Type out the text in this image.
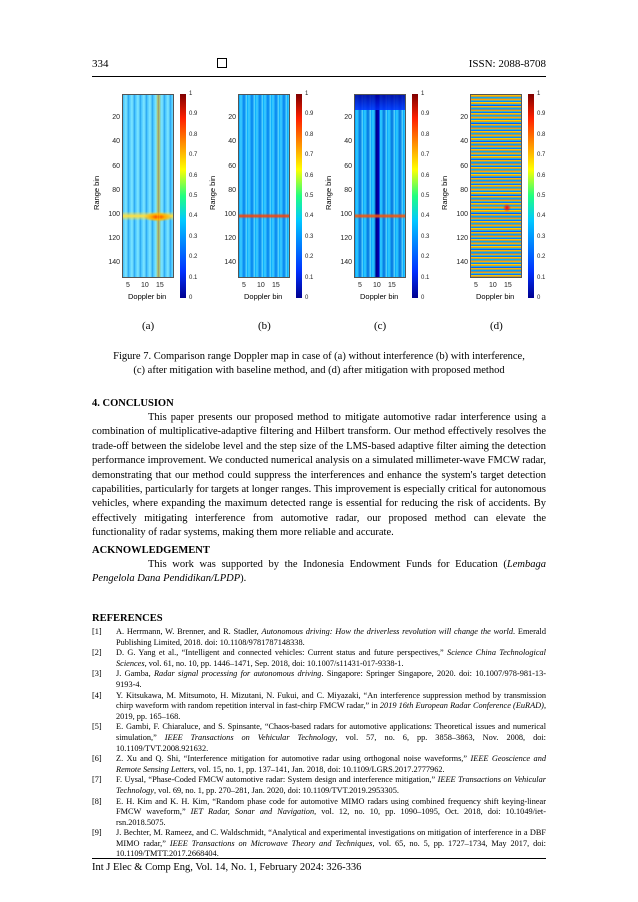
334	ISSN: 2088-8708
20
40
60
80
100
120
140
1
0.9
0.8
0.7
0.6
0.5
0.4
0.3
0.2
0.1
0
5 10 15
Range bin
Doppler bin
(a)
20
40
60
80
100
120
140
1
0.9
0.8
0.7
0.6
0.5
0.4
0.3
0.2
0.1
0
5 10 15
Range bin
Doppler bin
(b)
20
40
60
80
100
120
140
1
0.9
0.8
0.7
0.6
0.5
0.4
0.3
0.2
0.1
0
5 10 15
Range bin
Doppler bin
(c)
20
40
60
80
100
120
140
1
0.9
0.8
0.7
0.6
0.5
0.4
0.3
0.2
0.1
0
5 10 15
Range bin
Doppler bin
(d)
Figure 7. Comparison range Doppler map in case of (a) without interference (b) with interference,
(c) after mitigation with baseline method, and (d) after mitigation with proposed method
4. CONCLUSION
This paper presents our proposed method to mitigate automotive radar interference using a combination of multiplicative-adaptive filtering and Hilbert transform. Our method effectively resolves the trade-off between the sidelobe level and the step size of the LMS-based adaptive filter aiming the detection performance improvement. We conducted numerical analysis on a simulated millimeter-wave FMCW radar, demonstrating that our method could suppress the interferences and enhance the system's target detection capabilities, particularly for targets at longer ranges. This improvement is especially critical for autonomous vehicles, where expanding the maximum detected range is essential for reducing the risk of accidents. By effectively mitigating interference from automotive radar, our proposed method can elevate the functionality of radar systems, making them more reliable and accurate.
ACKNOWLEDGEMENT
This work was supported by the Indonesia Endowment Funds for Education (Lembaga Pengelola Dana Pendidikan/LPDP).
REFERENCES
[1] A. Herrmann, W. Brenner, and R. Stadler, Autonomous driving: How the driverless revolution will change the world. Emerald Publishing Limited, 2018. doi: 10.1108/9781787148338.
[2] D. G. Yang et al., “Intelligent and connected vehicles: Current status and future perspectives,” Science China Technological Sciences, vol. 61, no. 10, pp. 1446–1471, Sep. 2018, doi: 10.1007/s11431-017-9338-1.
[3] J. Gamba, Radar signal processing for autonomous driving. Singapore: Springer Singapore, 2020. doi: 10.1007/978-981-13-9193-4.
[4] Y. Kitsukawa, M. Mitsumoto, H. Mizutani, N. Fukui, and C. Miyazaki, “An interference suppression method by transmission chirp waveform with random repetition interval in fast-chirp FMCW radar,” in 2019 16th European Radar Conference (EuRAD), 2019, pp. 165–168.
[5] E. Gambi, F. Chiaraluce, and S. Spinsante, “Chaos-based radars for automotive applications: Theoretical issues and numerical simulation,” IEEE Transactions on Vehicular Technology, vol. 57, no. 6, pp. 3858–3863, Nov. 2008, doi: 10.1109/TVT.2008.921632.
[6] Z. Xu and Q. Shi, “Interference mitigation for automotive radar using orthogonal noise waveforms,” IEEE Geoscience and Remote Sensing Letters, vol. 15, no. 1, pp. 137–141, Jan. 2018, doi: 10.1109/LGRS.2017.2777962.
[7] F. Uysal, “Phase-Coded FMCW automotive radar: System design and interference mitigation,” IEEE Transactions on Vehicular Technology, vol. 69, no. 1, pp. 270–281, Jan. 2020, doi: 10.1109/TVT.2019.2953305.
[8] E. H. Kim and K. H. Kim, “Random phase code for automotive MIMO radars using combined frequency shift keying-linear FMCW waveform,” IET Radar, Sonar and Navigation, vol. 12, no. 10, pp. 1090–1095, Oct. 2018, doi: 10.1049/iet-rsn.2018.5075.
[9] J. Bechter, M. Rameez, and C. Waldschmidt, “Analytical and experimental investigations on mitigation of interference in a DBF MIMO radar,” IEEE Transactions on Microwave Theory and Techniques, vol. 65, no. 5, pp. 1727–1734, May 2017, doi: 10.1109/TMTT.2017.2668404.
Int J Elec & Comp Eng, Vol. 14, No. 1, February 2024: 326-336
